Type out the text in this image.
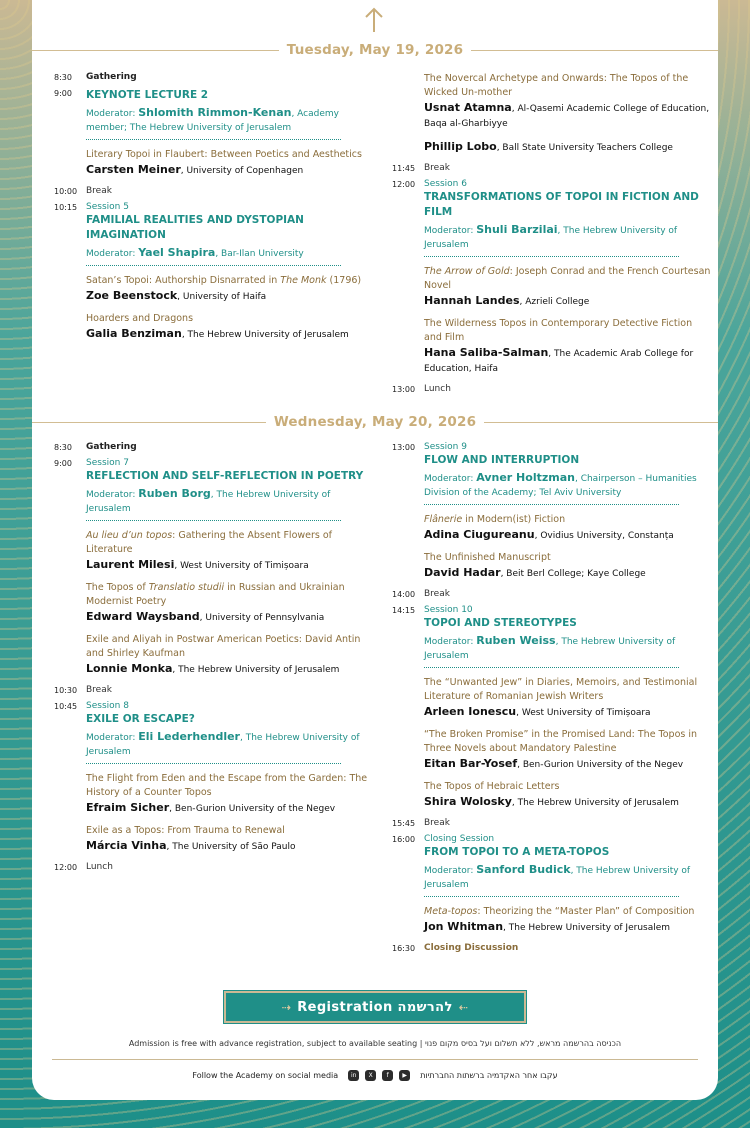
Tuesday, May 19, 2026
8:30	Gathering
9:00	KEYNOTE LECTURE 2
Moderator: Shlomith Rimmon-Kenan, Academy member; The Hebrew University of Jerusalem
Literary Topoi in Flaubert: Between Poetics and Aesthetics
Carsten Meiner, University of Copenhagen
10:00 Break
10:15 Session 5
FAMILIAL REALITIES AND DYSTOPIAN IMAGINATION
Moderator: Yael Shapira, Bar-Ilan University
Satan’s Topoi: Authorship Disnarrated in The Monk (1796)
Zoe Beenstock, University of Haifa
Hoarders and Dragons
Galia Benziman, The Hebrew University of Jerusalem
The Novercal Archetype and Onwards: The Topos of the Wicked Un-mother
Usnat Atamna, Al-Qasemi Academic College of Education, Baqa al-Gharbiyye
Phillip Lobo, Ball State University Teachers College
11:45 Break
12:00 Session 6
TRANSFORMATIONS OF TOPOI IN FICTION AND FILM
Moderator: Shuli Barzilai, The Hebrew University of Jerusalem
The Arrow of Gold: Joseph Conrad and the French Courtesan Novel
Hannah Landes, Azrieli College
The Wilderness Topos in Contemporary Detective Fiction and Film
Hana Saliba-Salman, The Academic Arab College for Education, Haifa
13:00 Lunch
Wednesday, May 20, 2026
8:30	Gathering
9:00	Session 7
REFLECTION AND SELF-REFLECTION IN POETRY
Moderator: Ruben Borg, The Hebrew University of Jerusalem
Au lieu d’un topos: Gathering the Absent Flowers of Literature
Laurent Milesi, West University of Timișoara
The Topos of Translatio studii in Russian and Ukrainian Modernist Poetry
Edward Waysband, University of Pennsylvania
Exile and Aliyah in Postwar American Poetics: David Antin and Shirley Kaufman
Lonnie Monka, The Hebrew University of Jerusalem
10:30 Break
10:45 Session 8
EXILE OR ESCAPE?
Moderator: Eli Lederhendler, The Hebrew University of Jerusalem
The Flight from Eden and the Escape from the Garden: The History of a Counter Topos
Efraim Sicher, Ben-Gurion University of the Negev
Exile as a Topos: From Trauma to Renewal
Márcia Vinha, The University of São Paulo
12:00 Lunch
13:00 Session 9
FLOW AND INTERRUPTION
Moderator: Avner Holtzman, Chairperson – Humanities Division of the Academy; Tel Aviv University
Flânerie in Modern(ist) Fiction
Adina Ciugureanu, Ovidius University, Constanța
The Unfinished Manuscript
David Hadar, Beit Berl College; Kaye College
14:00 Break
14:15 Session 10
TOPOI AND STEREOTYPES
Moderator: Ruben Weiss, The Hebrew University of Jerusalem
The “Unwanted Jew” in Diaries, Memoirs, and Testimonial Literature of Romanian Jewish Writers
Arleen Ionescu, West University of Timișoara
“The Broken Promise” in the Promised Land: The Topos in Three Novels about Mandatory Palestine
Eitan Bar-Yosef, Ben-Gurion University of the Negev
The Topos of Hebraic Letters
Shira Wolosky, The Hebrew University of Jerusalem
15:45 Break
16:00 Closing Session
FROM TOPOI TO A META-TOPOS
Moderator: Sanford Budick, The Hebrew University of Jerusalem
Meta-topos: Theorizing the “Master Plan” of Composition
Jon Whitman, The Hebrew University of Jerusalem
16:30 Closing Discussion
⇢ Registration להרשמה ⇠
Admission is free with advance registration, subject to available seating | הכניסה בהרשמה מראש, ללא תשלום ועל בסיס מקום פנוי
Follow the Academy on social media	in	X	f	▶	עקבו אחר האקדמיה ברשתות החברתיות
